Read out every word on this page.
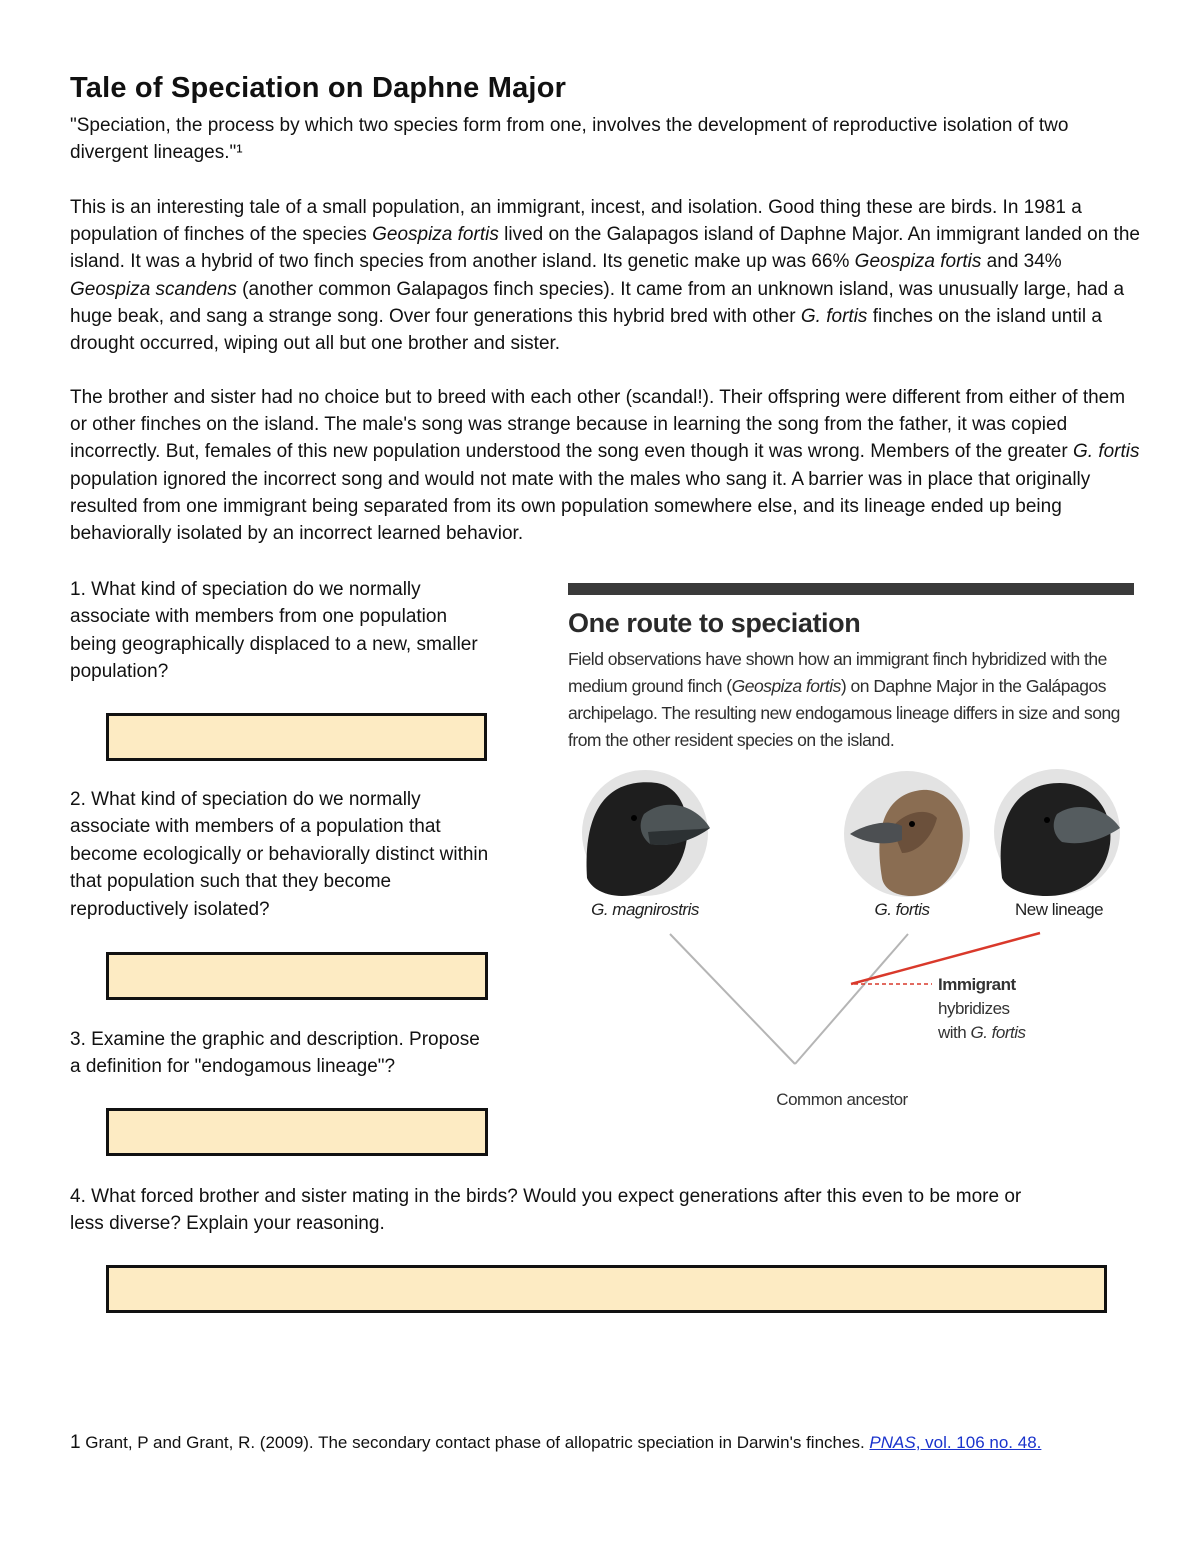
Tale of Speciation on Daphne Major

"Speciation, the process by which two species form from one, involves the development of reproductive isolation of two divergent lineages."¹

This is an interesting tale of a small population, an immigrant, incest, and isolation. Good thing these are birds. In 1981 a population of finches of the species Geospiza fortis lived on the Galapagos island of Daphne Major. An immigrant landed on the island. It was a hybrid of two finch species from another island. Its genetic make up was 66% Geospiza fortis and 34% Geospiza scandens (another common Galapagos finch species). It came from an unknown island, was unusually large, had a huge beak, and sang a strange song. Over four generations this hybrid bred with other G. fortis finches on the island until a drought occurred, wiping out all but one brother and sister.

The brother and sister had no choice but to breed with each other (scandal!). Their offspring were different from either of them or other finches on the island. The male's song was strange because in learning the song from the father, it was copied incorrectly. But, females of this new population understood the song even though it was wrong. Members of the greater G. fortis population ignored the incorrect song and would not mate with the males who sang it. A barrier was in place that originally resulted from one immigrant being separated from its own population somewhere else, and its lineage ended up being behaviorally isolated by an incorrect learned behavior.

1. What kind of speciation do we normally
associate with members from one population
being geographically displaced to a new, smaller
population?
2. What kind of speciation do we normally
associate with members of a population that
become ecologically or behaviorally distinct within
that population such that they become
reproductively isolated?
3. Examine the graphic and description. Propose
a definition for "endogamous lineage"?
4. What forced brother and sister mating in the birds? Would you expect generations after this even to be more or
less diverse? Explain your reasoning.
One route to speciation

Field observations have shown how an immigrant finch hybridized with the medium ground finch (Geospiza fortis) on Daphne Major in the Galápagos archipelago. The resulting new endogamous lineage differs in size and song from the other resident species on the island.

G. magnirostris	G. fortis	New lineage
Immigrant
hybridizes
with G. fortis
Common ancestor

1 Grant, P and Grant, R. (2009). The secondary contact phase of allopatric speciation in Darwin's finches. PNAS, vol. 106 no. 48.
